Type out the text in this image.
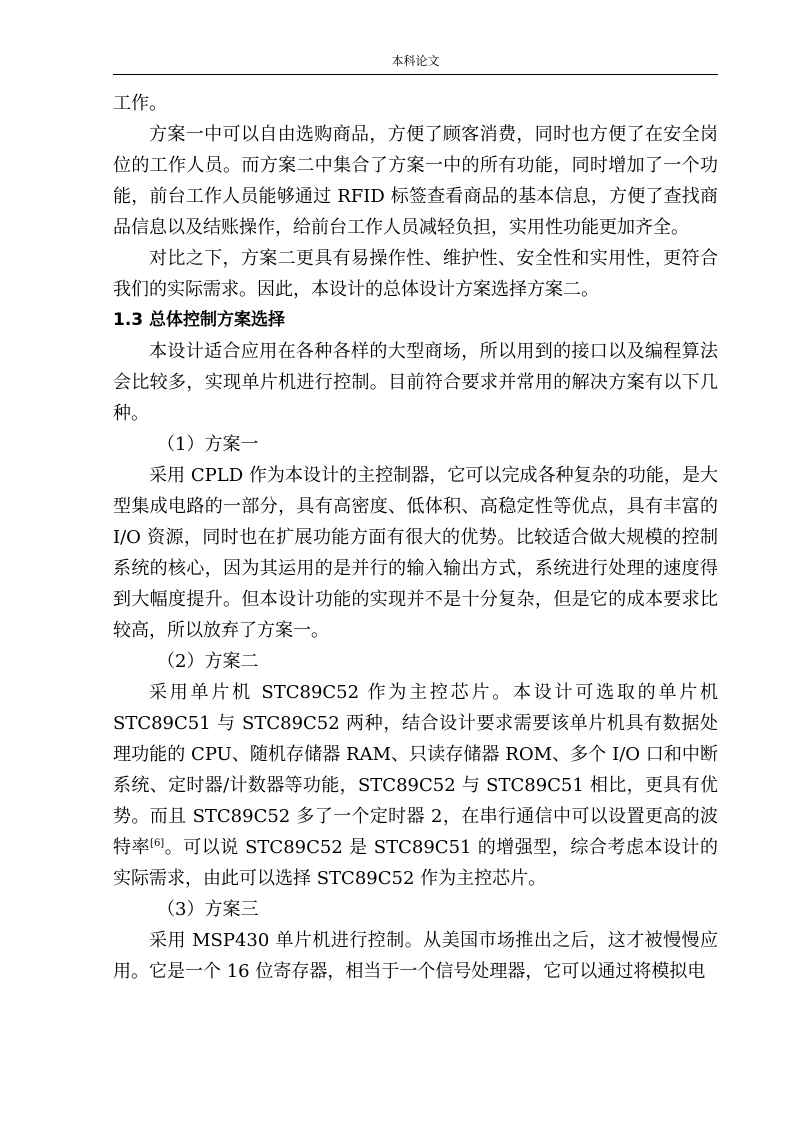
本科论文

工作。

方案一中可以自由选购商品，方便了顾客消费，同时也方便了在安全岗位的工作人员。而方案二中集合了方案一中的所有功能，同时增加了一个功能，前台工作人员能够通过 RFID 标签查看商品的基本信息，方便了查找商品信息以及结账操作，给前台工作人员减轻负担，实用性功能更加齐全。

对比之下，方案二更具有易操作性、维护性、安全性和实用性，更符合我们的实际需求。因此，本设计的总体设计方案选择方案二。

1.3 总体控制方案选择

本设计适合应用在各种各样的大型商场，所以用到的接口以及编程算法会比较多，实现单片机进行控制。目前符合要求并常用的解决方案有以下几种。

（1）方案一

采用 CPLD 作为本设计的主控制器，它可以完成各种复杂的功能，是大型集成电路的一部分，具有高密度、低体积、高稳定性等优点，具有丰富的 I/O 资源，同时也在扩展功能方面有很大的优势。比较适合做大规模的控制系统的核心，因为其运用的是并行的输入输出方式，系统进行处理的速度得到大幅度提升。但本设计功能的实现并不是十分复杂，但是它的成本要求比较高，所以放弃了方案一。

（2）方案二

采用单片机 STC89C52 作为主控芯片。本设计可选取的单片机 STC89C51 与 STC89C52 两种，结合设计要求需要该单片机具有数据处理功能的 CPU、随机存储器 RAM、只读存储器 ROM、多个 I/O 口和中断系统、定时器/计数器等功能，STC89C52 与 STC89C51 相比，更具有优势。而且 STC89C52 多了一个定时器 2，在串行通信中可以设置更高的波特率[6]。可以说 STC89C52 是 STC89C51 的增强型，综合考虑本设计的实际需求，由此可以选择 STC89C52 作为主控芯片。

（3）方案三

采用 MSP430 单片机进行控制。从美国市场推出之后，这才被慢慢应用。它是一个 16 位寄存器，相当于一个信号处理器，它可以通过将模拟电
